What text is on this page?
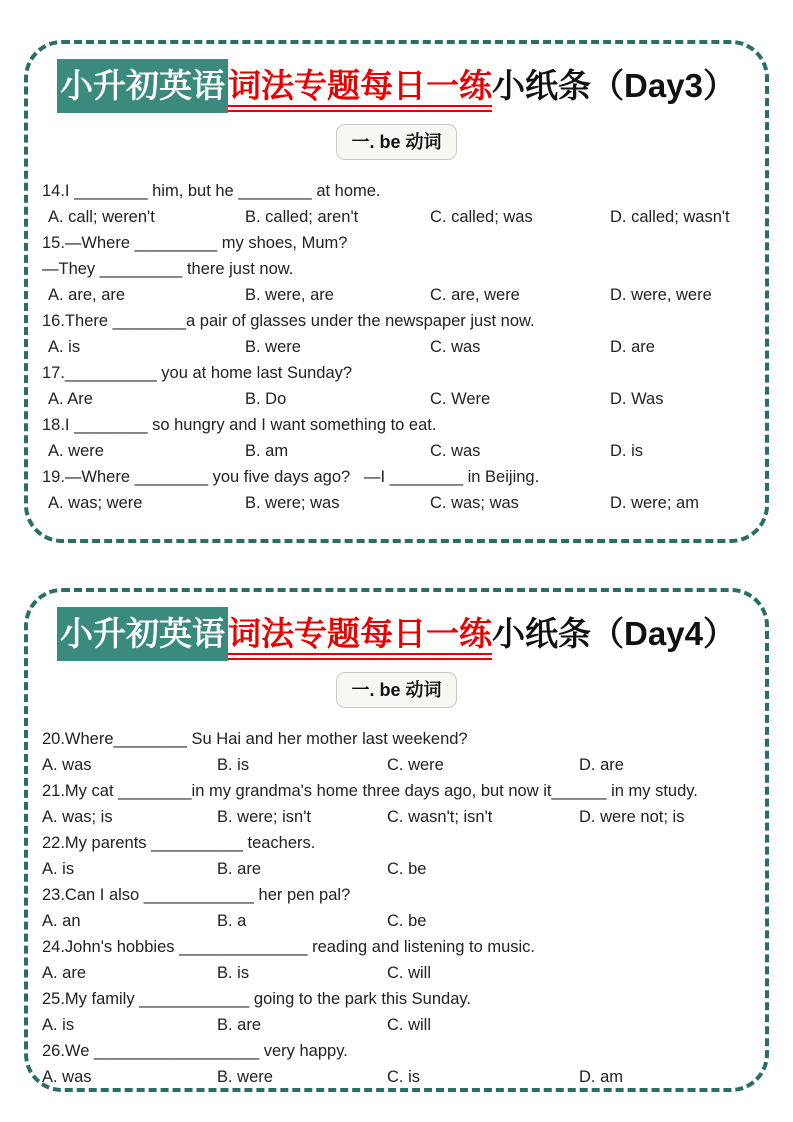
小升初英语词法专题每日一练小纸条（Day3）
一. be 动词

14.I ________ him, but he ________ at home.

A. call; weren't	B. called; aren't	C. called; was	D. called; wasn't

15.—Where _________ my shoes, Mum?

—They _________ there just now.

A. are, are	B. were, are	C. are, were	D. were, were

16.There ________a pair of glasses under the newspaper just now.

A. is	B. were	C. was	D. are

17.__________ you at home last Sunday?

A. Are	B. Do	C. Were	D. Was

18.I ________ so hungry and I want something to eat.

A. were	B. am	C. was	D. is

19.—Where ________ you five days ago?   —I ________ in Beijing.

A. was; were	B. were; was	C. was; was	D. were; am
小升初英语词法专题每日一练小纸条（Day4）
一. be 动词

20.Where________ Su Hai and her mother last weekend?

A. was	B. is	C. were	D. are

21.My cat ________in my grandma's home three days ago, but now it______ in my study.

A. was; is	B. were; isn't	C. wasn't; isn't	D. were not; is

22.My parents __________ teachers.

A. is	B. are	C. be

23.Can I also ____________ her pen pal?

A. an	B. a	C. be

24.John's hobbies ______________ reading and listening to music.

A. are	B. is	C. will

25.My family ____________ going to the park this Sunday.

A. is	B. are	C. will

26.We __________________ very happy.

A. was	B. were	C. is	D. am
